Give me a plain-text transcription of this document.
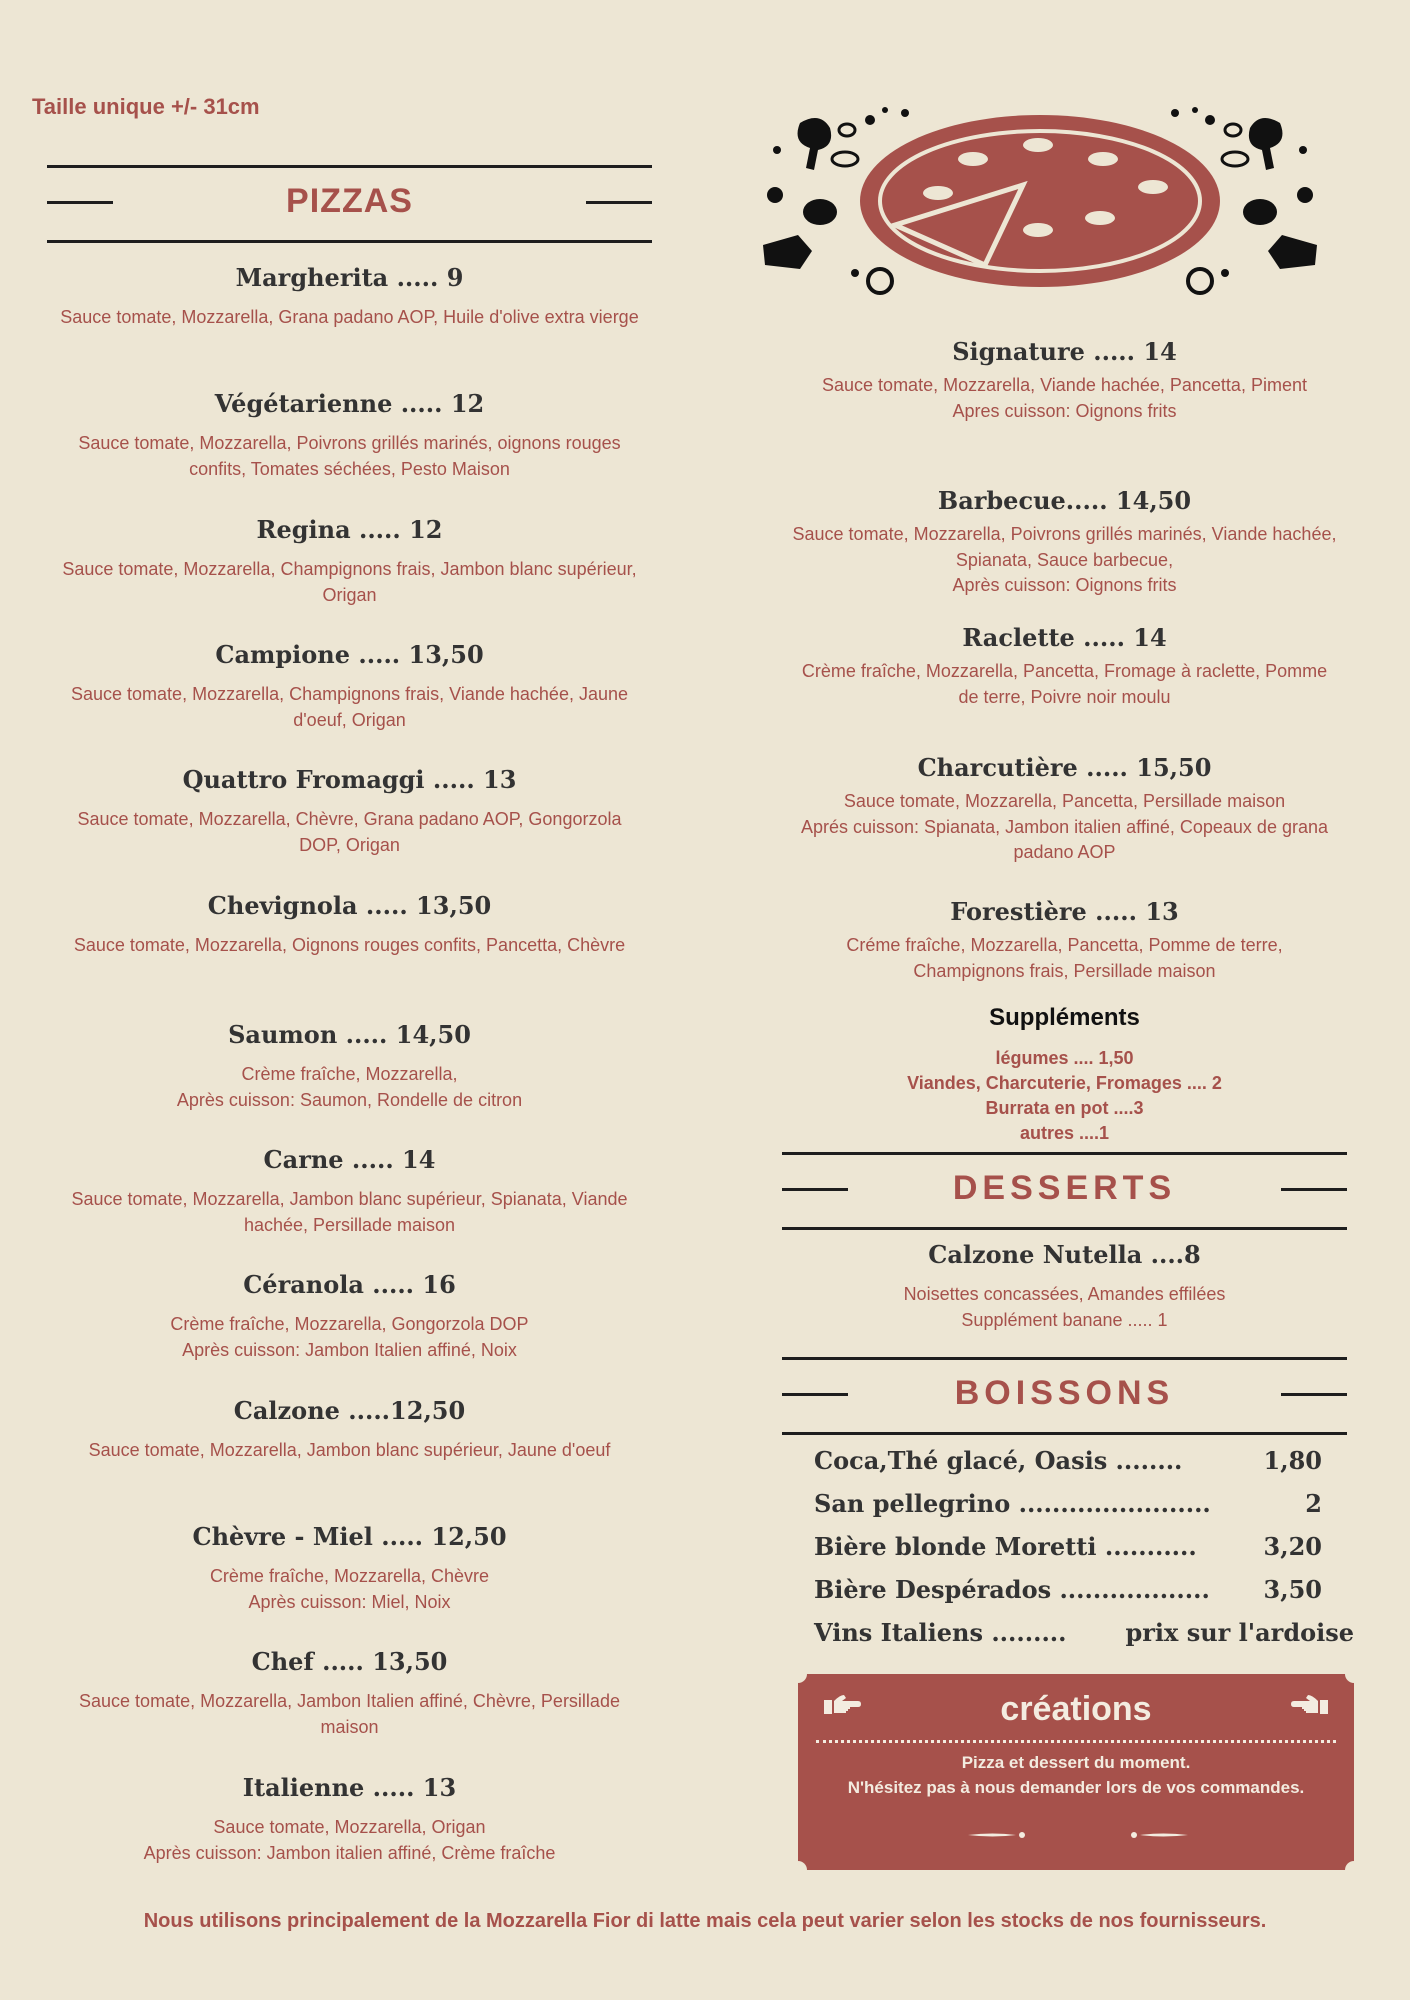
Taille unique +/- 31cm
PIZZAS
Margherita ..... 9
Sauce tomate, Mozzarella, Grana padano AOP, Huile d'olive extra vierge
Végétarienne ..... 12
Sauce tomate, Mozzarella, Poivrons grillés marinés, oignons rouges confits, Tomates séchées, Pesto Maison
Regina ..... 12
Sauce tomate, Mozzarella, Champignons frais, Jambon blanc supérieur, Origan
Campione ..... 13,50
Sauce tomate, Mozzarella, Champignons frais, Viande hachée, Jaune d'oeuf, Origan
Quattro Fromaggi ..... 13
Sauce tomate, Mozzarella, Chèvre, Grana padano AOP, Gongorzola DOP, Origan
Chevignola ..... 13,50
Sauce tomate, Mozzarella, Oignons rouges confits, Pancetta, Chèvre
Saumon ..... 14,50
Crème fraîche, Mozzarella,
Après cuisson: Saumon, Rondelle de citron
Carne ..... 14
Sauce tomate, Mozzarella, Jambon blanc supérieur, Spianata, Viande hachée, Persillade maison
Céranola ..... 16
Crème fraîche, Mozzarella, Gongorzola DOP
Après cuisson: Jambon Italien affiné, Noix
Calzone .....12,50
Sauce tomate, Mozzarella, Jambon blanc supérieur, Jaune d'oeuf
Chèvre - Miel ..... 12,50
Crème fraîche, Mozzarella, Chèvre
Après cuisson: Miel, Noix
Chef ..... 13,50
Sauce tomate, Mozzarella, Jambon Italien affiné, Chèvre, Persillade maison
Italienne ..... 13
Sauce tomate, Mozzarella, Origan
Après cuisson: Jambon italien affiné, Crème fraîche
Signature ..... 14
Sauce tomate, Mozzarella, Viande hachée, Pancetta, Piment
Apres cuisson: Oignons frits
Barbecue..... 14,50
Sauce tomate, Mozzarella, Poivrons grillés marinés, Viande hachée, Spianata, Sauce barbecue,
Après cuisson: Oignons frits
Raclette ..... 14
Crème fraîche, Mozzarella, Pancetta, Fromage à raclette, Pomme de terre, Poivre noir moulu
Charcutière ..... 15,50
Sauce tomate, Mozzarella, Pancetta, Persillade maison
Aprés cuisson: Spianata, Jambon italien affiné, Copeaux de grana padano AOP
Forestière ..... 13
Créme fraîche, Mozzarella, Pancetta, Pomme de terre, Champignons frais, Persillade maison
Suppléments
légumes .... 1,50
Viandes, Charcuterie, Fromages .... 2
Burrata en pot ....3
autres ....1
DESSERTS
Calzone Nutella ....8
Noisettes concassées, Amandes effilées
Supplément banane ..... 1
BOISSONS
Coca,Thé glacé, Oasis ........	1,80
San pellegrino .......................	2
Bière blonde Moretti ...........	3,20
Bière Despérados .................. 3,50
Vins Italiens ......... prix sur l'ardoise
créations
Pizza et dessert du moment.
N'hésitez pas à nous demander lors de vos commandes.
Nous utilisons principalement de la Mozzarella Fior di latte mais cela peut varier selon les stocks de nos fournisseurs.
